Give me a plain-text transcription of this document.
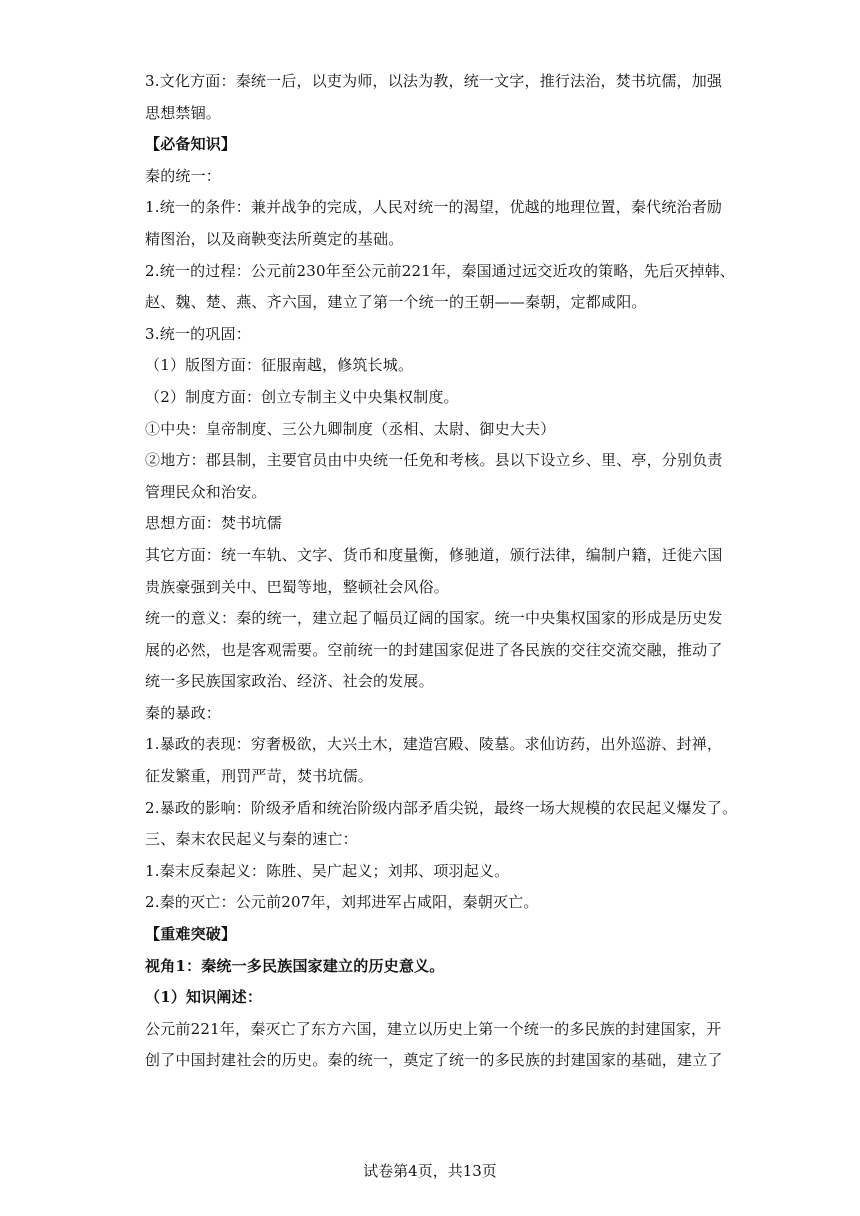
3.文化方面：秦统一后，以吏为师，以法为教，统一文字，推行法治，焚书坑儒，加强

思想禁锢。

【必备知识】

秦的统一：

1.统一的条件：兼并战争的完成，人民对统一的渴望，优越的地理位置，秦代统治者励

精图治，以及商鞅变法所奠定的基础。

2.统一的过程：公元前230年至公元前221年，秦国通过远交近攻的策略，先后灭掉韩、

赵、魏、楚、燕、齐六国，建立了第一个统一的王朝——秦朝，定都咸阳。

3.统一的巩固：

（1）版图方面：征服南越，修筑长城。

（2）制度方面：创立专制主义中央集权制度。

①中央：皇帝制度、三公九卿制度（丞相、太尉、御史大夫）

②地方：郡县制，主要官员由中央统一任免和考核。县以下设立乡、里、亭，分别负责

管理民众和治安。

思想方面：焚书坑儒

其它方面：统一车轨、文字、货币和度量衡，修驰道，颁行法律，编制户籍，迁徙六国

贵族豪强到关中、巴蜀等地，整顿社会风俗。

统一的意义：秦的统一，建立起了幅员辽阔的国家。统一中央集权国家的形成是历史发

展的必然，也是客观需要。空前统一的封建国家促进了各民族的交往交流交融，推动了

统一多民族国家政治、经济、社会的发展。

秦的暴政：

1.暴政的表现：穷奢极欲，大兴土木，建造宫殿、陵墓。求仙访药，出外巡游、封禅，

征发繁重，刑罚严苛，焚书坑儒。

2.暴政的影响：阶级矛盾和统治阶级内部矛盾尖锐，最终一场大规模的农民起义爆发了。

三、秦末农民起义与秦的速亡：

1.秦末反秦起义：陈胜、吴广起义；刘邦、项羽起义。

2.秦的灭亡：公元前207年，刘邦进军占咸阳，秦朝灭亡。

【重难突破】

视角1：秦统一多民族国家建立的历史意义。

（1）知识阐述：

公元前221年，秦灭亡了东方六国，建立以历史上第一个统一的多民族的封建国家，开

创了中国封建社会的历史。秦的统一，奠定了统一的多民族的封建国家的基础，建立了

试卷第4页，共13页
